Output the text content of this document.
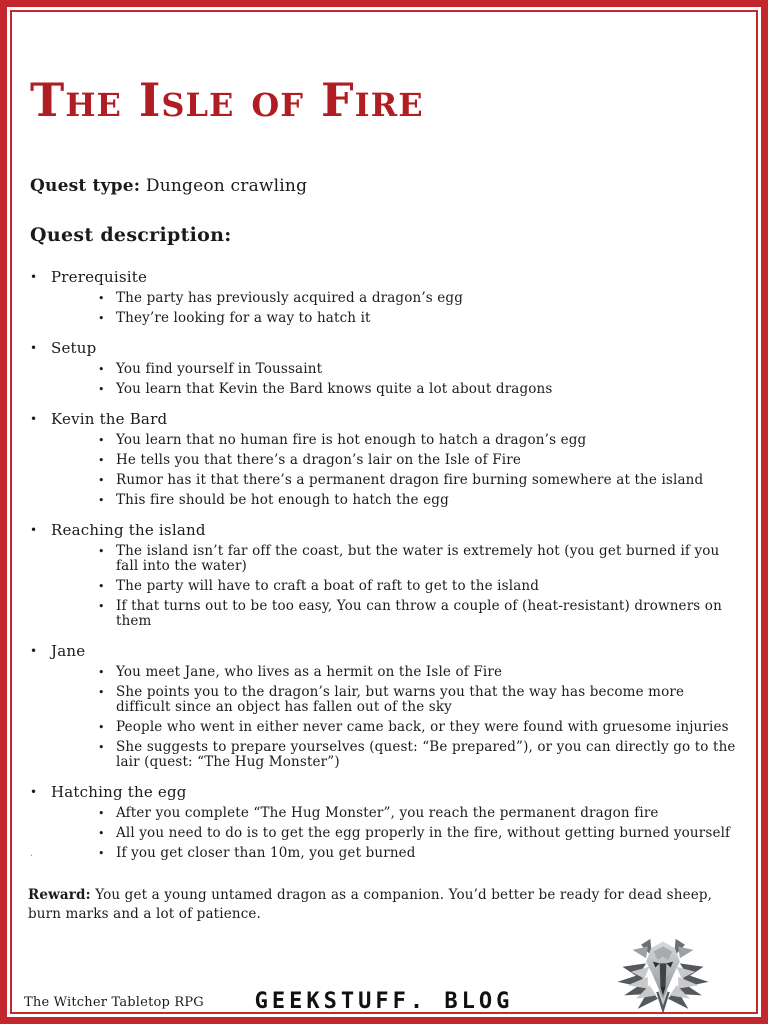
The Isle of Fire
Quest type: Dungeon crawling
Quest description:
• Prerequisite
• The party has previously acquired a dragon’s egg
• They’re looking for a way to hatch it
• Setup
• You find yourself in Toussaint
• You learn that Kevin the Bard knows quite a lot about dragons
• Kevin the Bard
• You learn that no human fire is hot enough to hatch a dragon’s egg
• He tells you that there’s a dragon’s lair on the Isle of Fire
• Rumor has it that there’s a permanent dragon fire burning somewhere at the island
• This fire should be hot enough to hatch the egg
• Reaching the island
• The island isn’t far off the coast, but the water is extremely hot (you get burned if you fall into the water)
• The party will have to craft a boat of raft to get to the island
• If that turns out to be too easy, You can throw a couple of (heat-resistant) drowners on them
• Jane
• You meet Jane, who lives as a hermit on the Isle of Fire
• She points you to the dragon’s lair, but warns you that the way has become more difficult since an object has fallen out of the sky
• People who went in either never came back, or they were found with gruesome injuries
• She suggests to prepare yourselves (quest: “Be prepared”), or you can directly go to the lair (quest: “The Hug Monster”)
• Hatching the egg
• After you complete “The Hug Monster”, you reach the permanent dragon fire
• All you need to do is to get the egg properly in the fire, without getting burned yourself
• If you get closer than 10m, you get burned
.
Reward: You get a young untamed dragon as a companion. You’d better be ready for dead sheep, burn marks and a lot of patience.
The Witcher Tabletop RPG	GEEKSTUFF. BLOG
